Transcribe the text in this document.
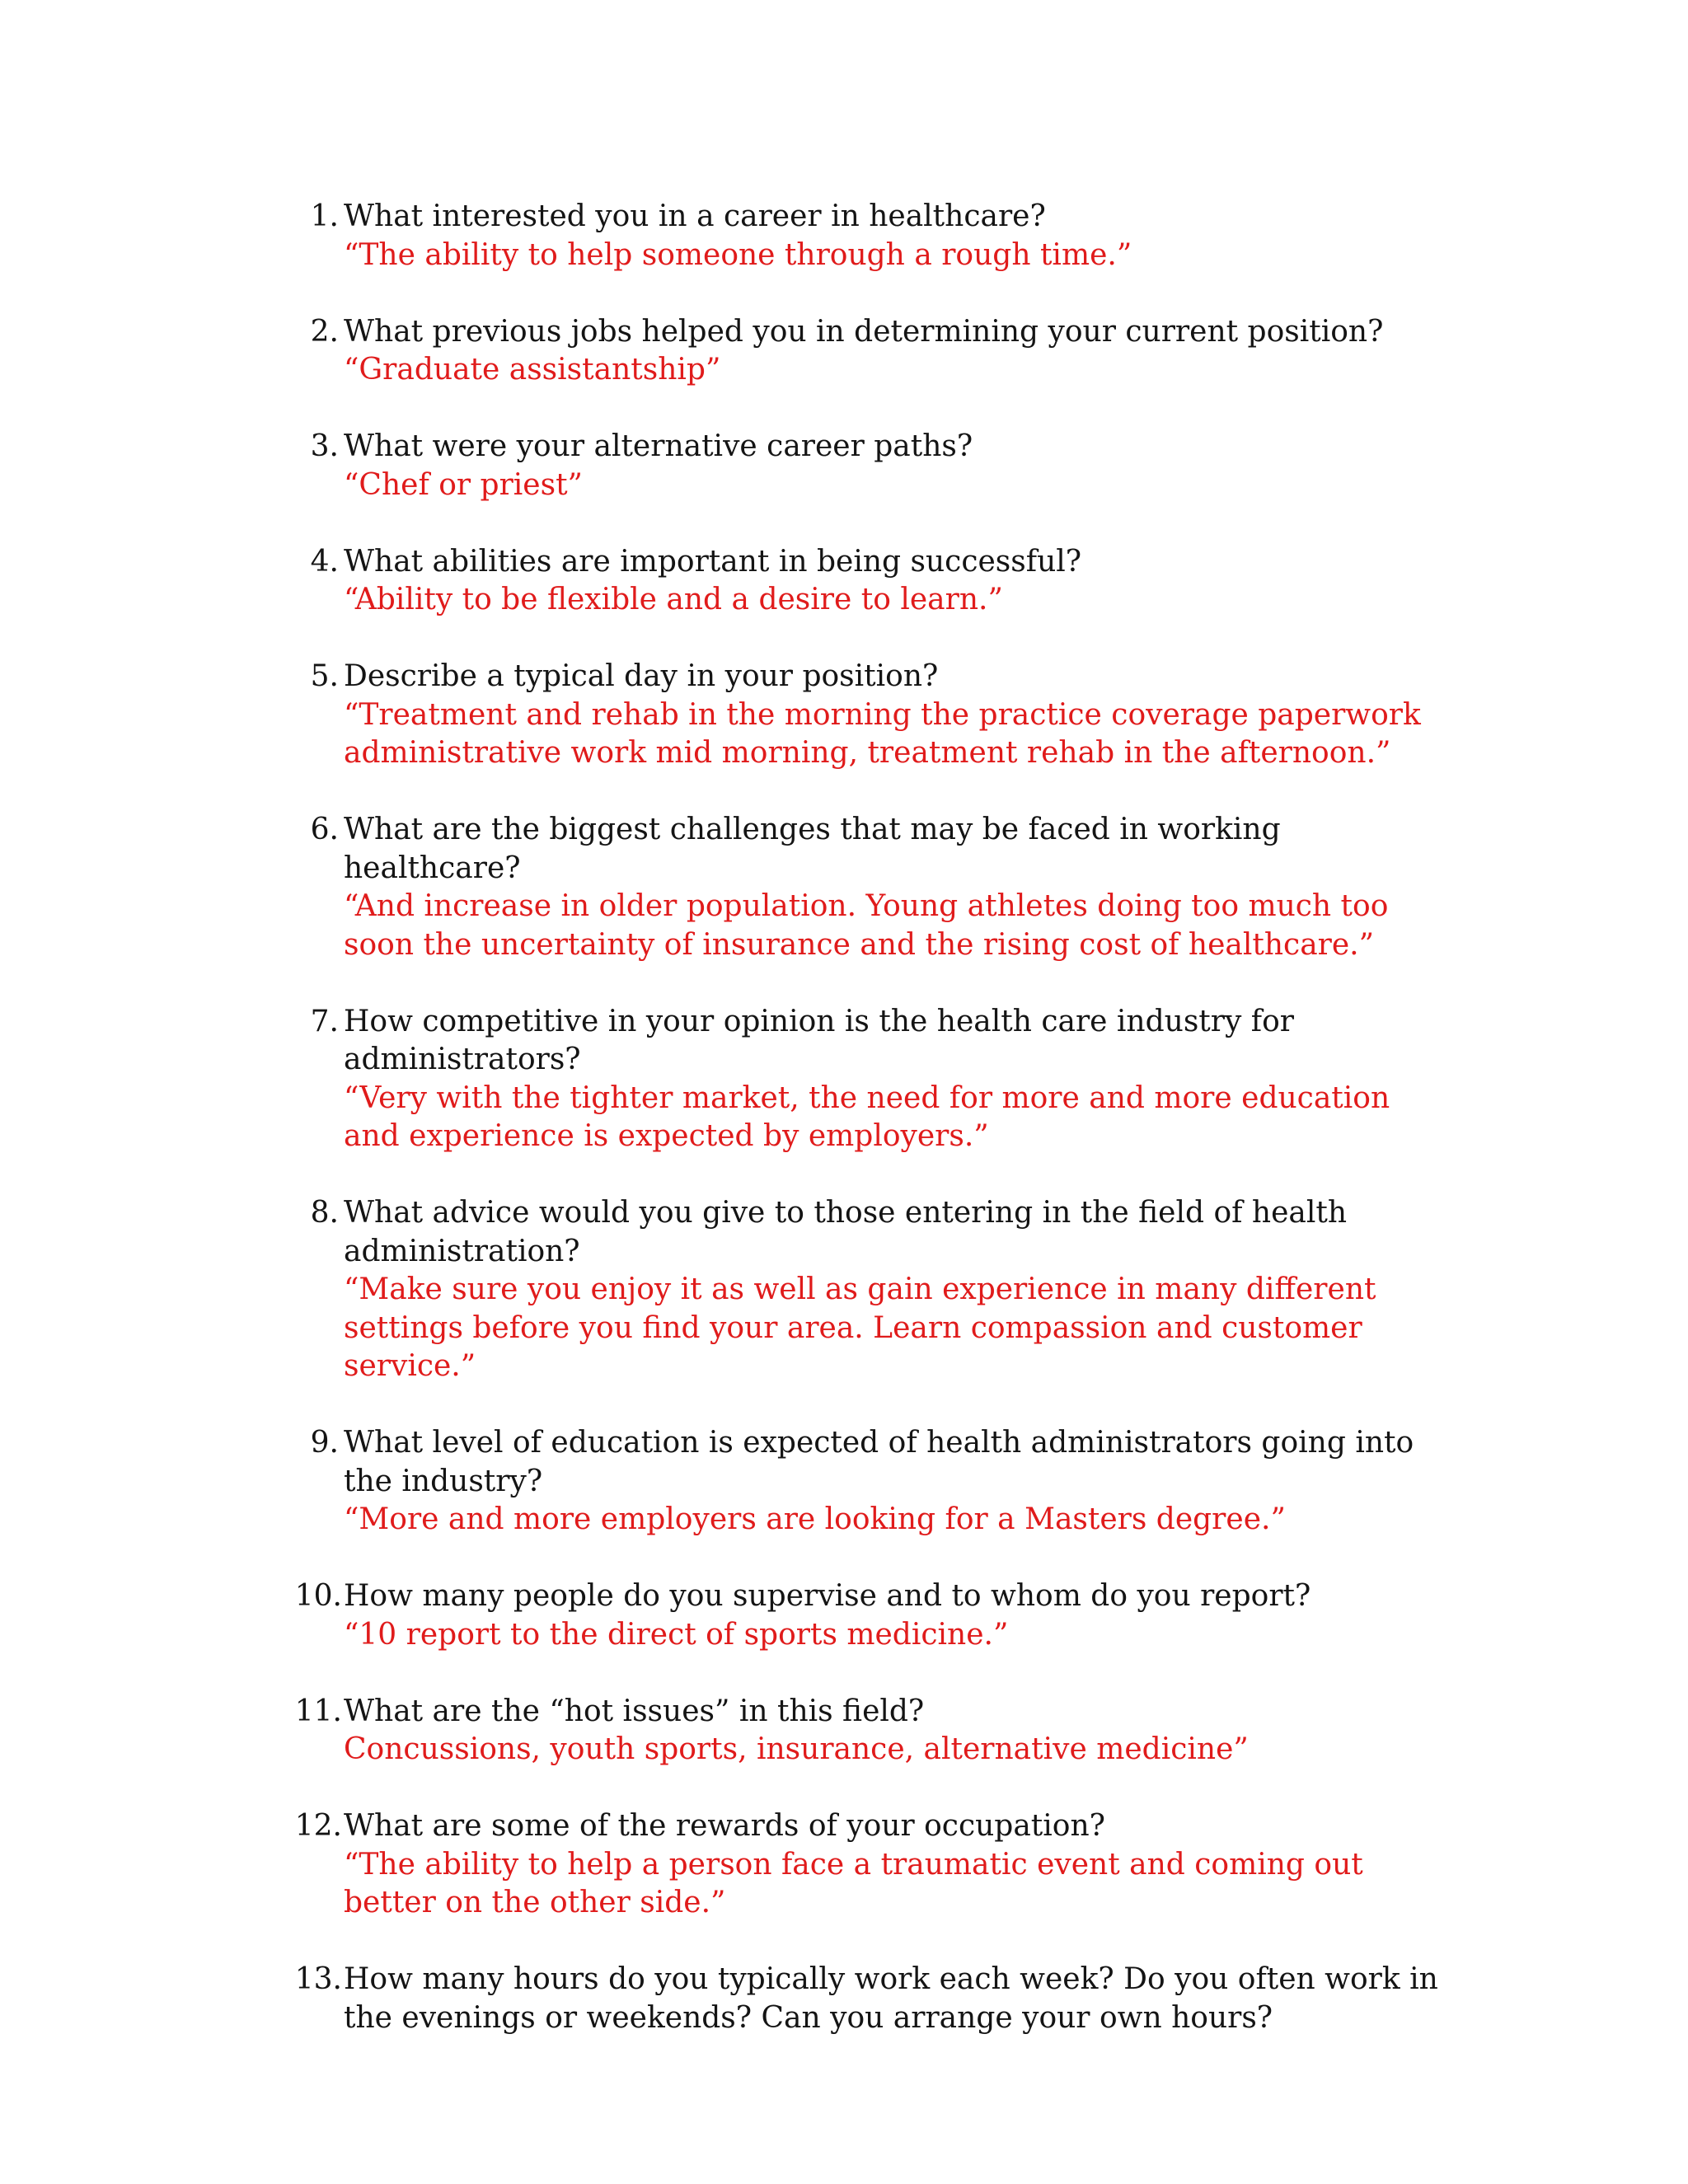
1. What interested you in a career in healthcare?
“The ability to help someone through a rough time.”
2. What previous jobs helped you in determining your current position?
“Graduate assistantship”
3. What were your alternative career paths?
“Chef or priest”
4. What abilities are important in being successful?
“Ability to be flexible and a desire to learn.”
5. Describe a typical day in your position?
“Treatment and rehab in the morning the practice coverage paperwork administrative work mid morning, treatment rehab in the afternoon.”
6. What are the biggest challenges that may be faced in working healthcare?
“And increase in older population. Young athletes doing too much too soon the uncertainty of insurance and the rising cost of healthcare.”
7. How competitive in your opinion is the health care industry for administrators?
“Very with the tighter market, the need for more and more education and experience is expected by employers.”
8. What advice would you give to those entering in the field of health administration?
“Make sure you enjoy it as well as gain experience in many different settings before you find your area. Learn compassion and customer service.”
9. What level of education is expected of health administrators going into the industry?
“More and more employers are looking for a Masters degree.”
10. How many people do you supervise and to whom do you report?
“10 report to the direct of sports medicine.”
11. What are the “hot issues” in this field?
Concussions, youth sports, insurance, alternative medicine”
12. What are some of the rewards of your occupation?
“The ability to help a person face a traumatic event and coming out better on the other side.”
13. How many hours do you typically work each week? Do you often work in the evenings or weekends? Can you arrange your own hours?
